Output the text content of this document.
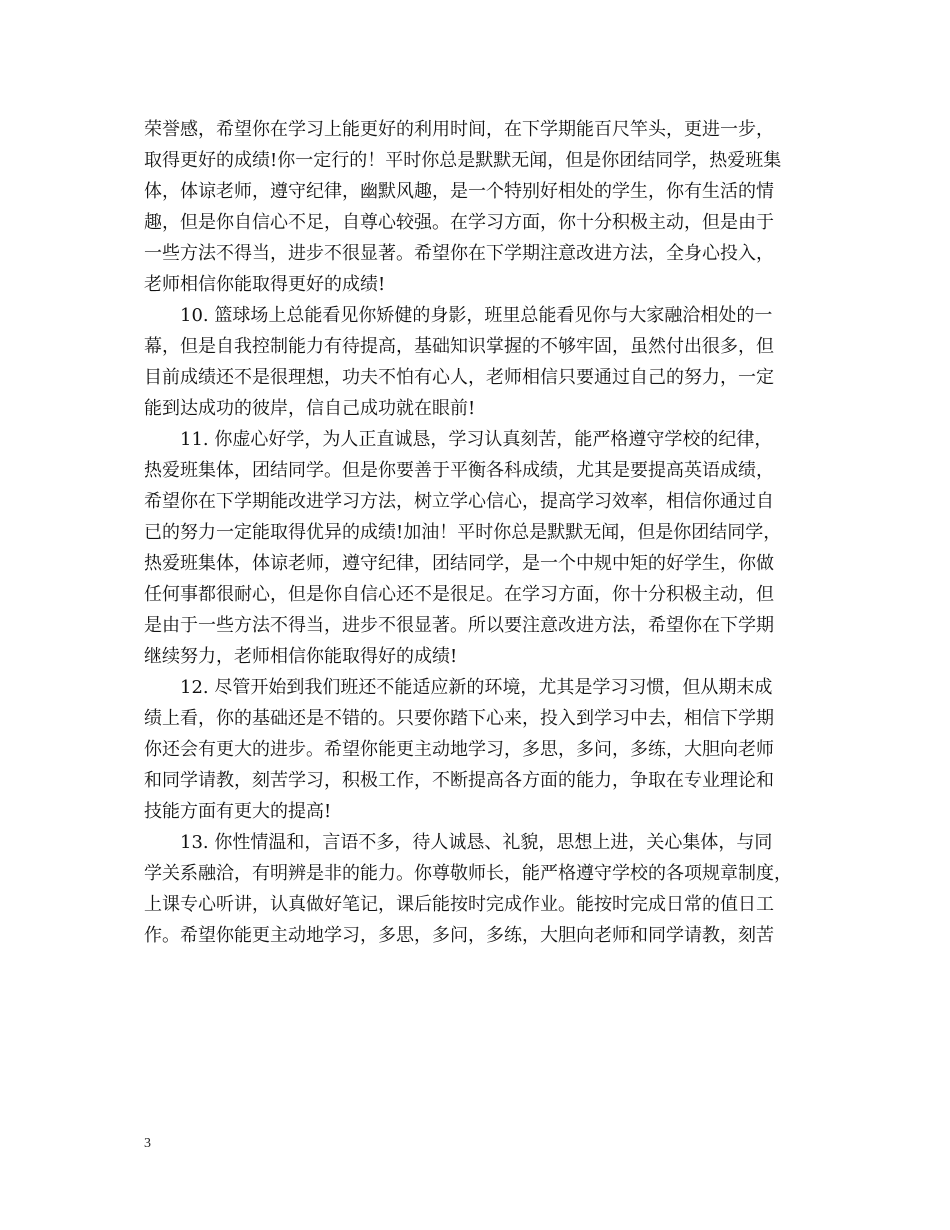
荣誉感，希望你在学习上能更好的利用时间，在下学期能百尺竿头，更进一步，
取得更好的成绩!你一定行的！平时你总是默默无闻，但是你团结同学，热爱班集
体，体谅老师，遵守纪律，幽默风趣，是一个特别好相处的学生，你有生活的情
趣，但是你自信心不足，自尊心较强。在学习方面，你十分积极主动，但是由于
一些方法不得当，进步不很显著。希望你在下学期注意改进方法，全身心投入，
老师相信你能取得更好的成绩!
10. 篮球场上总能看见你矫健的身影，班里总能看见你与大家融洽相处的一
幕，但是自我控制能力有待提高，基础知识掌握的不够牢固，虽然付出很多，但
目前成绩还不是很理想，功夫不怕有心人，老师相信只要通过自己的努力，一定
能到达成功的彼岸，信自己成功就在眼前!
11. 你虚心好学，为人正直诚恳，学习认真刻苦，能严格遵守学校的纪律，
热爱班集体，团结同学。但是你要善于平衡各科成绩，尤其是要提高英语成绩，
希望你在下学期能改进学习方法，树立学心信心，提高学习效率，相信你通过自
已的努力一定能取得优异的成绩!加油！平时你总是默默无闻，但是你团结同学，
热爱班集体，体谅老师，遵守纪律，团结同学，是一个中规中矩的好学生，你做
任何事都很耐心，但是你自信心还不是很足。在学习方面，你十分积极主动，但
是由于一些方法不得当，进步不很显著。所以要注意改进方法，希望你在下学期
继续努力，老师相信你能取得好的成绩!
12. 尽管开始到我们班还不能适应新的环境，尤其是学习习惯，但从期末成
绩上看，你的基础还是不错的。只要你踏下心来，投入到学习中去，相信下学期
你还会有更大的进步。希望你能更主动地学习，多思，多问，多练，大胆向老师
和同学请教，刻苦学习，积极工作，不断提高各方面的能力，争取在专业理论和
技能方面有更大的提高!
13. 你性情温和，言语不多，待人诚恳、礼貌，思想上进，关心集体，与同
学关系融洽，有明辨是非的能力。你尊敬师长，能严格遵守学校的各项规章制度，
上课专心听讲，认真做好笔记，课后能按时完成作业。能按时完成日常的值日工
作。希望你能更主动地学习，多思，多问，多练，大胆向老师和同学请教，刻苦
3
